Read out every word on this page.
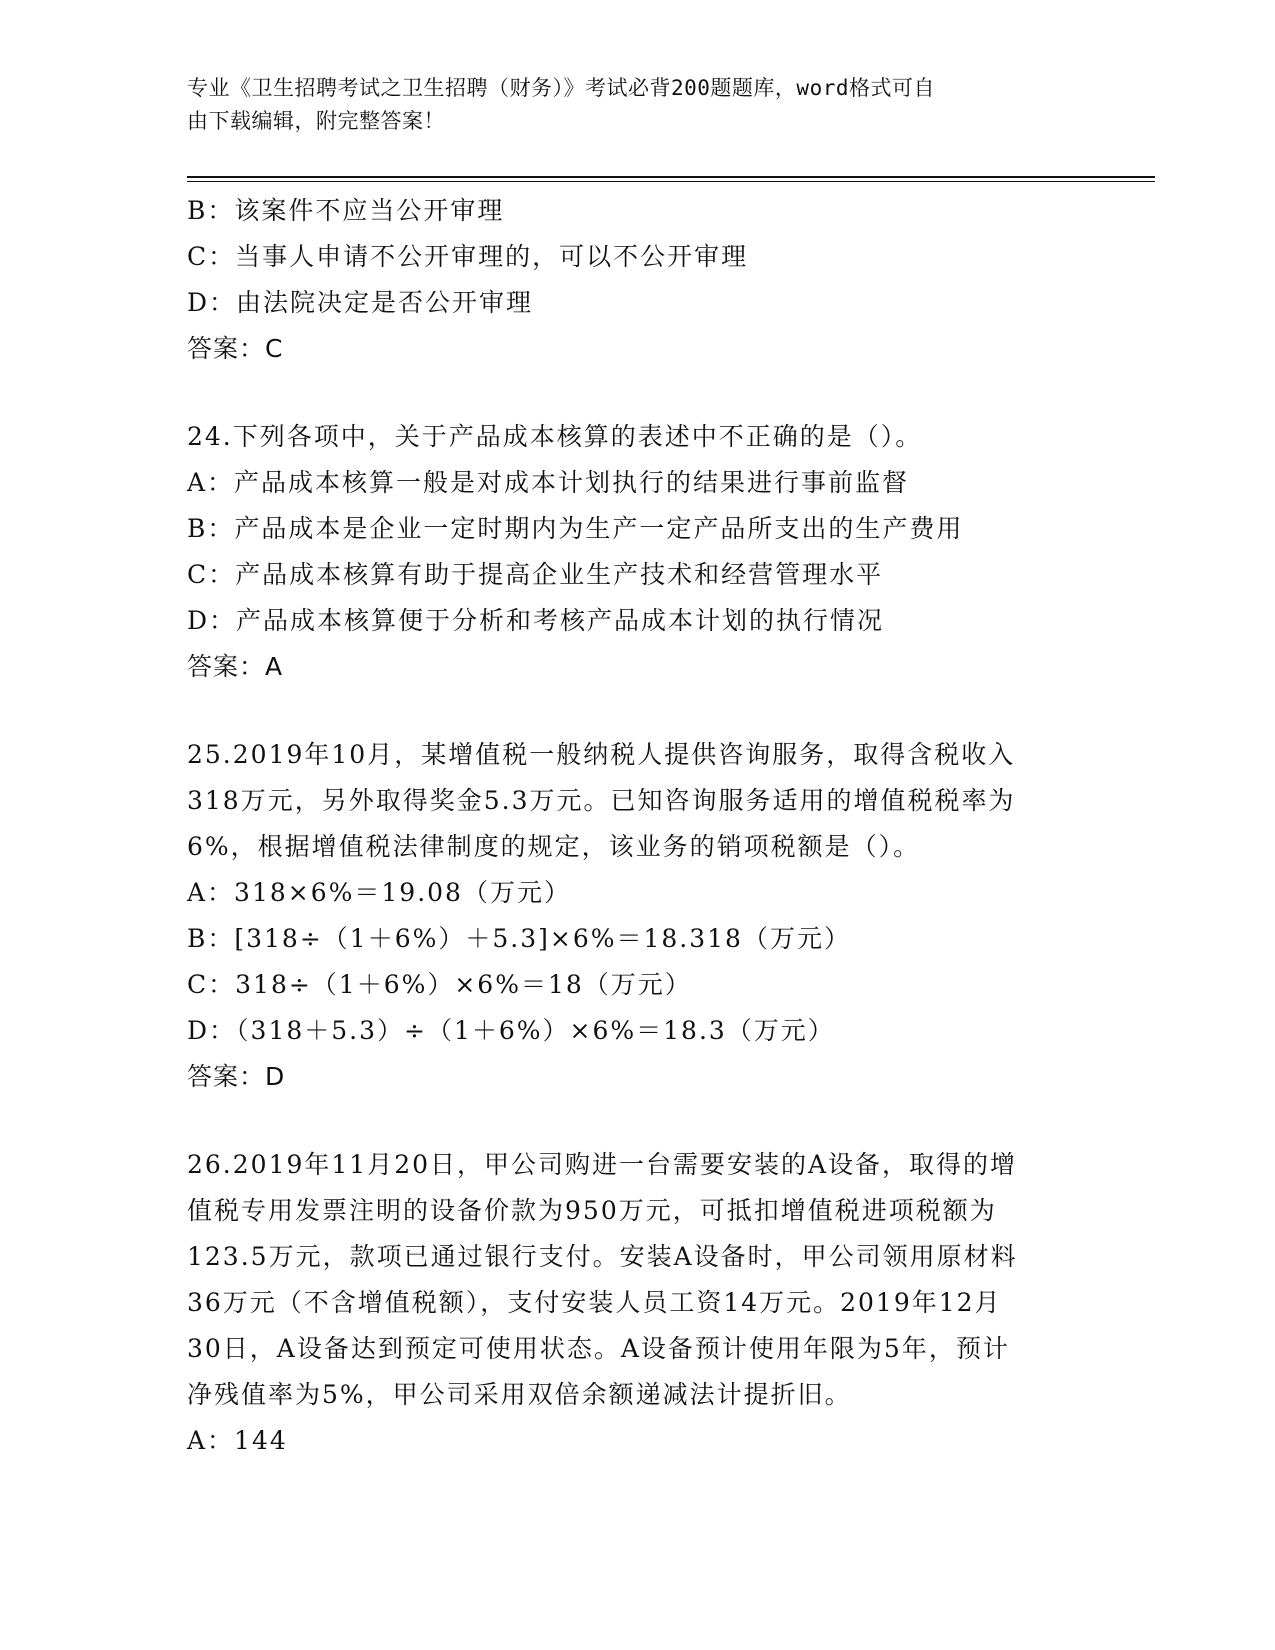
专业《卫生招聘考试之卫生招聘（财务）》考试必背200题题库，word格式可自
由下载编辑，附完整答案！
B：该案件不应当公开审理
C：当事人申请不公开审理的，可以不公开审理
D：由法院决定是否公开审理
答案：C
24.下列各项中，关于产品成本核算的表述中不正确的是（）。
A：产品成本核算一般是对成本计划执行的结果进行事前监督
B：产品成本是企业一定时期内为生产一定产品所支出的生产费用
C：产品成本核算有助于提高企业生产技术和经营管理水平
D：产品成本核算便于分析和考核产品成本计划的执行情况
答案：A
25.2019年10月，某增值税一般纳税人提供咨询服务，取得含税收入
318万元，另外取得奖金5.3万元。已知咨询服务适用的增值税税率为
6%，根据增值税法律制度的规定，该业务的销项税额是（）。
A：318×6%＝19.08（万元）
B：[318÷（1＋6%）＋5.3]×6%＝18.318（万元）
C：318÷（1＋6%）×6%＝18（万元）
D：（318＋5.3）÷（1＋6%）×6%＝18.3（万元）
答案：D
26.2019年11月20日，甲公司购进一台需要安装的A设备，取得的增
值税专用发票注明的设备价款为950万元，可抵扣增值税进项税额为
123.5万元，款项已通过银行支付。安装A设备时，甲公司领用原材料
36万元（不含增值税额），支付安装人员工资14万元。2019年12月
30日，A设备达到预定可使用状态。A设备预计使用年限为5年，预计
净残值率为5%，甲公司采用双倍余额递减法计提折旧。
A：144
